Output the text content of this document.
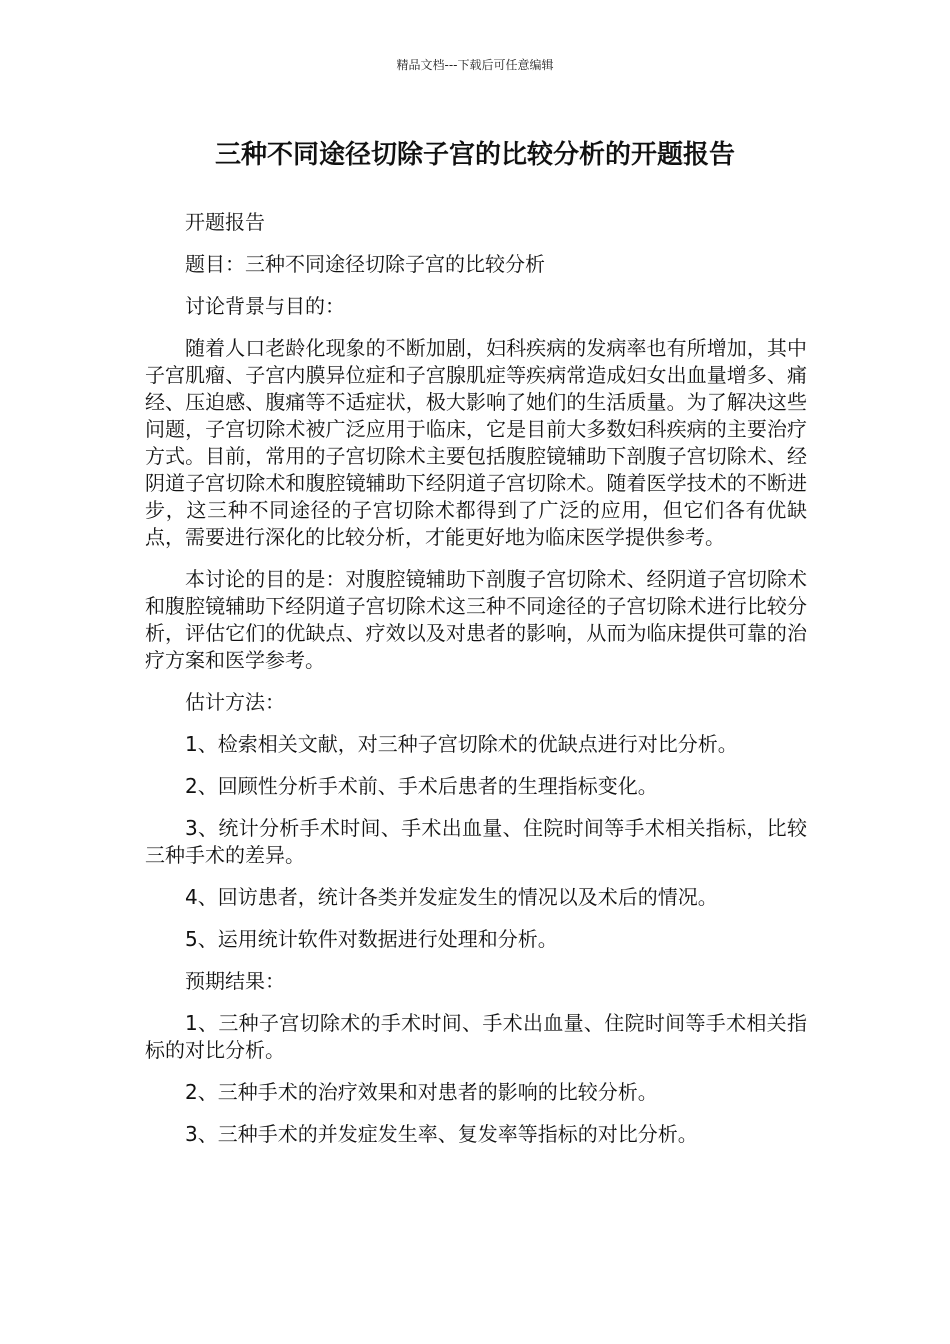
精品文档---下载后可任意编辑
三种不同途径切除子宫的比较分析的开题报告

开题报告

题目：三种不同途径切除子宫的比较分析

讨论背景与目的：

随着人口老龄化现象的不断加剧，妇科疾病的发病率也有所增加，其中子宫肌瘤、子宫内膜异位症和子宫腺肌症等疾病常造成妇女出血量增多、痛经、压迫感、腹痛等不适症状，极大影响了她们的生活质量。为了解决这些问题，子宫切除术被广泛应用于临床，它是目前大多数妇科疾病的主要治疗方式。目前，常用的子宫切除术主要包括腹腔镜辅助下剖腹子宫切除术、经阴道子宫切除术和腹腔镜辅助下经阴道子宫切除术。随着医学技术的不断进步，这三种不同途径的子宫切除术都得到了广泛的应用，但它们各有优缺点，需要进行深化的比较分析，才能更好地为临床医学提供参考。

本讨论的目的是：对腹腔镜辅助下剖腹子宫切除术、经阴道子宫切除术和腹腔镜辅助下经阴道子宫切除术这三种不同途径的子宫切除术进行比较分析，评估它们的优缺点、疗效以及对患者的影响，从而为临床提供可靠的治疗方案和医学参考。

估计方法：

1、检索相关文献，对三种子宫切除术的优缺点进行对比分析。

2、回顾性分析手术前、手术后患者的生理指标变化。

3、统计分析手术时间、手术出血量、住院时间等手术相关指标，比较三种手术的差异。

4、回访患者，统计各类并发症发生的情况以及术后的情况。

5、运用统计软件对数据进行处理和分析。

预期结果：

1、三种子宫切除术的手术时间、手术出血量、住院时间等手术相关指标的对比分析。

2、三种手术的治疗效果和对患者的影响的比较分析。

3、三种手术的并发症发生率、复发率等指标的对比分析。
